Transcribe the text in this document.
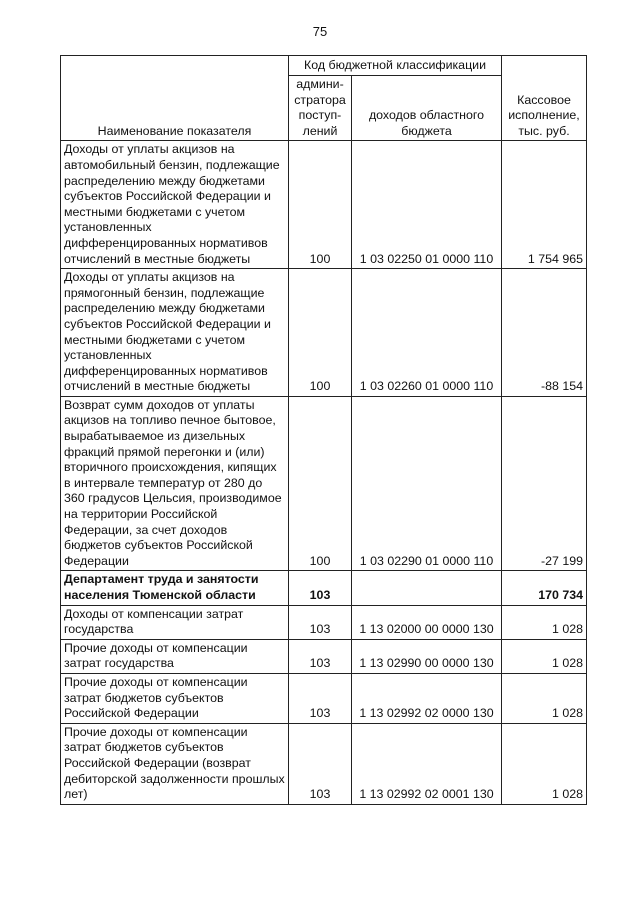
75
Наименование показателя	Код бюджетной классификации		Кассовое исполнение, тыс. руб.
	админи-стратора поступ-лений	доходов областного бюджета	
Доходы от уплаты акцизов на автомобильный бензин, подлежащие распределению между бюджетами субъектов Российской Федерации и местными бюджетами с учетом установленных дифференцированных нормативов отчислений в местные бюджеты	100	1 03 02250 01 0000 110	1 754 965
Доходы от уплаты акцизов на прямогонный бензин, подлежащие распределению между бюджетами субъектов Российской Федерации и местными бюджетами с учетом установленных дифференцированных нормативов отчислений в местные бюджеты	100	1 03 02260 01 0000 110	-88 154
Возврат сумм доходов от уплаты акцизов на топливо печное бытовое, вырабатываемое из дизельных фракций прямой перегонки и (или) вторичного происхождения, кипящих в интервале температур от 280 до 360 градусов Цельсия, производимое на территории Российской Федерации, за счет доходов бюджетов субъектов Российской Федерации	100	1 03 02290 01 0000 110	-27 199
Департамент труда и занятости населения Тюменской области	103		170 734
Доходы от компенсации затрат государства	103	1 13 02000 00 0000 130	1 028
Прочие доходы от компенсации затрат государства	103	1 13 02990 00 0000 130	1 028
Прочие доходы от компенсации затрат бюджетов субъектов Российской Федерации	103	1 13 02992 02 0000 130	1 028
Прочие доходы от компенсации затрат бюджетов субъектов Российской Федерации (возврат дебиторской задолженности прошлых лет)	103	1 13 02992 02 0001 130	1 028
